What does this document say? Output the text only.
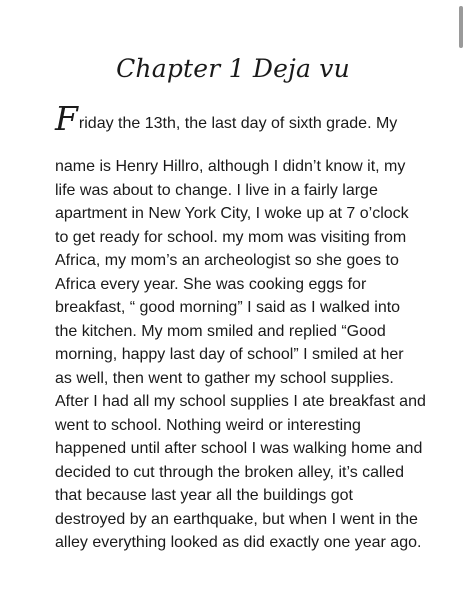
Chapter 1 Deja vu
Friday the 13th, the last day of sixth grade. My
name is Henry Hillro, although I didn’t know it, my
life was about to change. I live in a fairly large
apartment in New York City, I woke up at 7 o’clock
to get ready for school. my mom was visiting from
Africa, my mom’s an archeologist so she goes to
Africa every year. She was cooking eggs for
breakfast, “ good morning” I said as I walked into
the kitchen. My mom smiled and replied “Good
morning, happy last day of school” I smiled at her
as well, then went to gather my school supplies.
After I had all my school supplies I ate breakfast and
went to school. Nothing weird or interesting
happened until after school I was walking home and
decided to cut through the broken alley, it’s called
that because last year all the buildings got
destroyed by an earthquake, but when I went in the
alley everything looked as did exactly one year ago.
